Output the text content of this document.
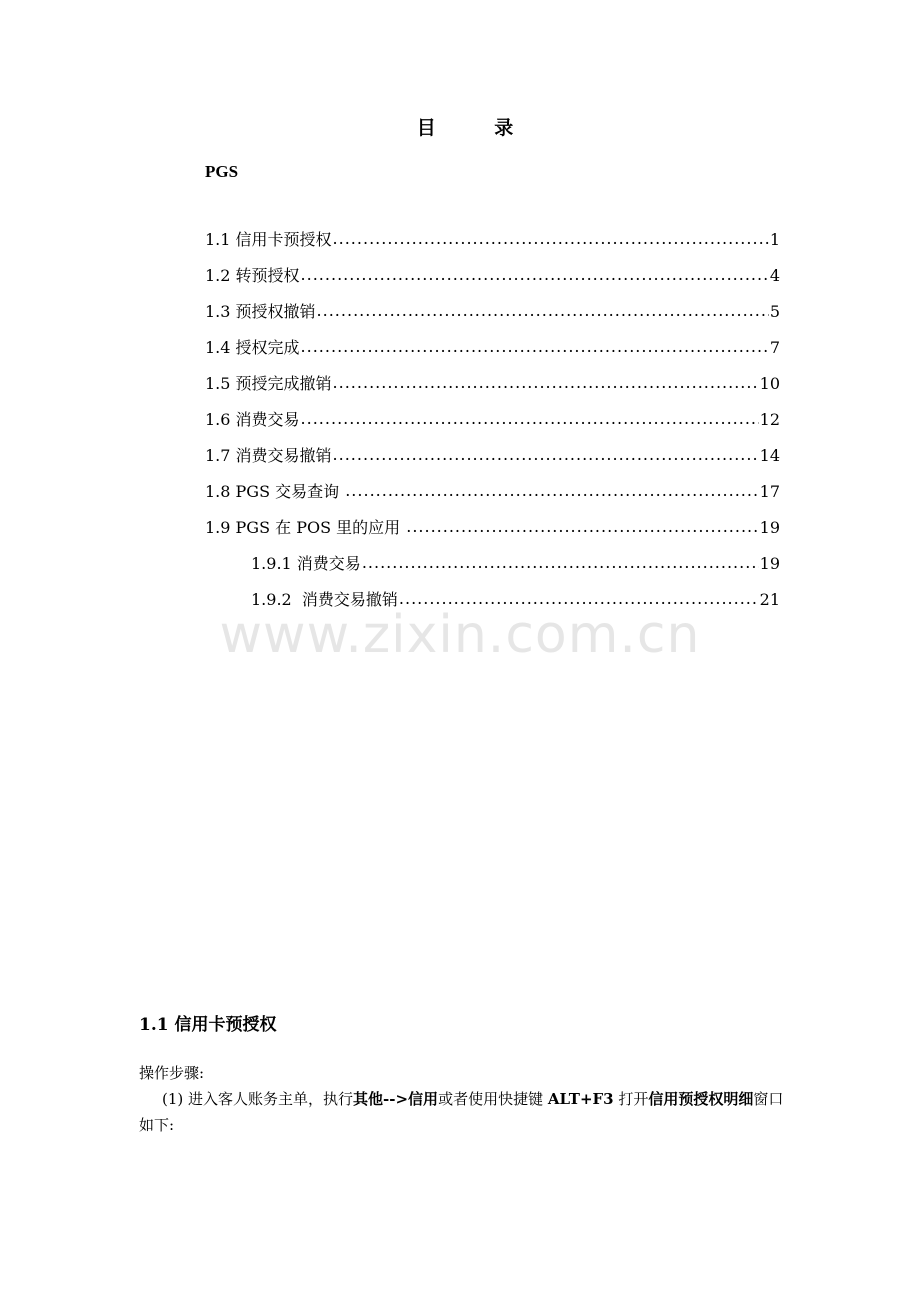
目 录
PGS
1.1 信用卡预授权 .....	1
1.2 转预授权 .....	4
1.3 预授权撤销 .....	5
1.4 授权完成 .....	7
1.5 预授完成撤销 .....	10
1.6 消费交易 .....	12
1.7 消费交易撤销 .....	14
1.8 PGS 交易查询 .....	17
1.9 PGS 在 POS 里的应用 .....	19
1.9.1 消费交易 .....	19
1.9.2  消费交易撤销 .....	21
www.zixin.com.cn
1.1 信用卡预授权

操作步骤:

(1) 进入客人账务主单，执行其他-->信用或者使用快捷键 ALT+F3 打开信用预授权明细窗口如下:
